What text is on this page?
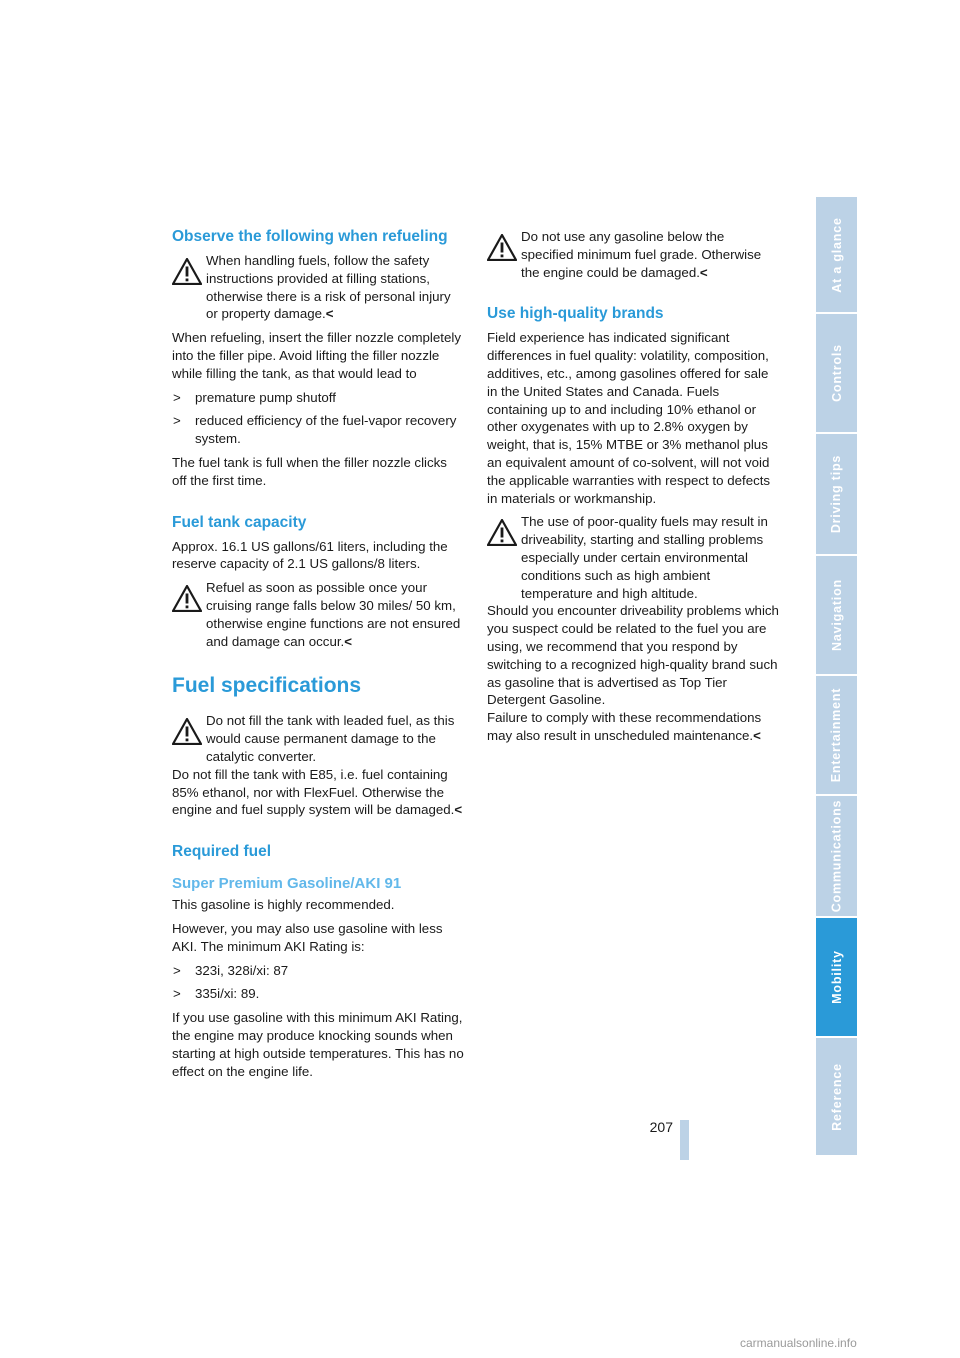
Observe the following when refueling

When handling fuels, follow the safety instructions provided at filling stations, otherwise there is a risk of personal injury or property damage.<

When refueling, insert the filler nozzle completely into the filler pipe. Avoid lifting the filler nozzle while filling the tank, as that would lead to

> premature pump shutoff

> reduced efficiency of the fuel-vapor recovery system.

The fuel tank is full when the filler nozzle clicks off the first time.

Fuel tank capacity

Approx. 16.1 US gallons/61 liters, including the reserve capacity of 2.1 US gallons/8 liters.

Refuel as soon as possible once your cruising range falls below 30 miles/ 50 km, otherwise engine functions are not ensured and damage can occur.<

Fuel specifications

Do not fill the tank with leaded fuel, as this would cause permanent damage to the catalytic converter.

Do not fill the tank with E85, i.e. fuel containing 85% ethanol, nor with FlexFuel. Otherwise the engine and fuel supply system will be damaged.<

Required fuel
Super Premium Gasoline/AKI 91

This gasoline is highly recommended.

However, you may also use gasoline with less AKI. The minimum AKI Rating is:

> 323i, 328i/xi: 87

> 335i/xi: 89.

If you use gasoline with this minimum AKI Rating, the engine may produce knocking sounds when starting at high outside temperatures. This has no effect on the engine life.

Do not use any gasoline below the specified minimum fuel grade. Otherwise the engine could be damaged.<

Use high-quality brands

Field experience has indicated significant differences in fuel quality: volatility, composition, additives, etc., among gasolines offered for sale in the United States and Canada. Fuels containing up to and including 10% ethanol or other oxygenates with up to 2.8% oxygen by weight, that is, 15% MTBE or 3% methanol plus an equivalent amount of co-solvent, will not void the applicable warranties with respect to defects in materials or workmanship.

The use of poor-quality fuels may result in driveability, starting and stalling problems especially under certain environmental conditions such as high ambient temperature and high altitude.

Should you encounter driveability problems which you suspect could be related to the fuel you are using, we recommend that you respond by switching to a recognized high-quality brand such as gasoline that is advertised as Top Tier Detergent Gasoline.

Failure to comply with these recommendations may also result in unscheduled maintenance.<

At a glance
Controls
Driving tips
Navigation
Entertainment
Communications
Mobility
Reference
207
carmanualsonline.info
